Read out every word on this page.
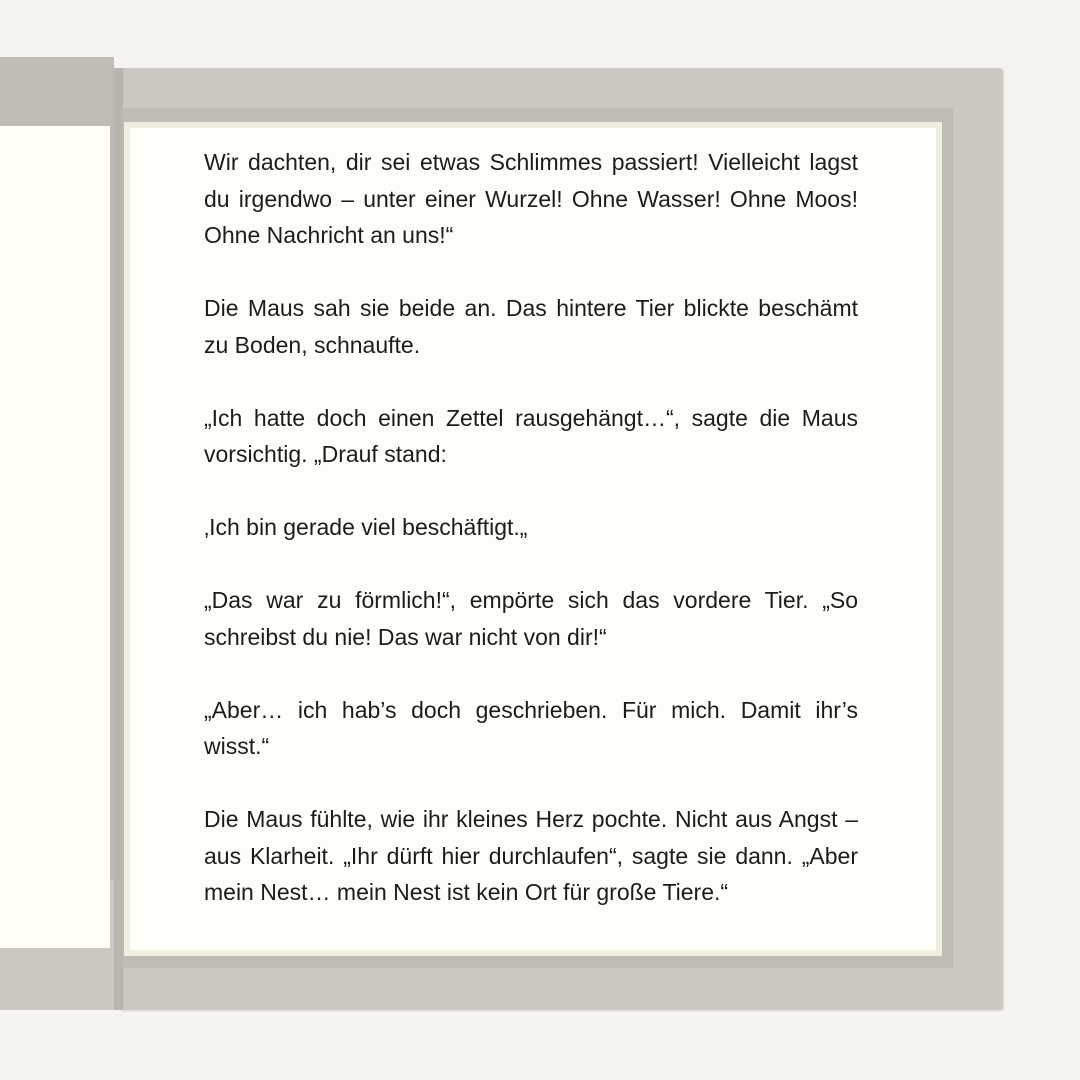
Wir dachten, dir sei etwas Schlimmes passiert! Vielleicht lagst du irgendwo – unter einer Wurzel! Ohne Wasser! Ohne Moos! Ohne Nachricht an uns!“

Die Maus sah sie beide an. Das hintere Tier blickte beschämt zu Boden, schnaufte.

„Ich hatte doch einen Zettel rausgehängt…“, sagte die Maus vorsichtig. „Drauf stand:

‚Ich bin gerade viel beschäftigt.„

„Das war zu förmlich!“, empörte sich das vordere Tier. „So schreibst du nie! Das war nicht von dir!“

„Aber… ich hab’s doch geschrieben. Für mich. Damit ihr’s wisst.“

Die Maus fühlte, wie ihr kleines Herz pochte. Nicht aus Angst – aus Klarheit. „Ihr dürft hier durchlaufen“, sagte sie dann. „Aber mein Nest… mein Nest ist kein Ort für große Tiere.“
